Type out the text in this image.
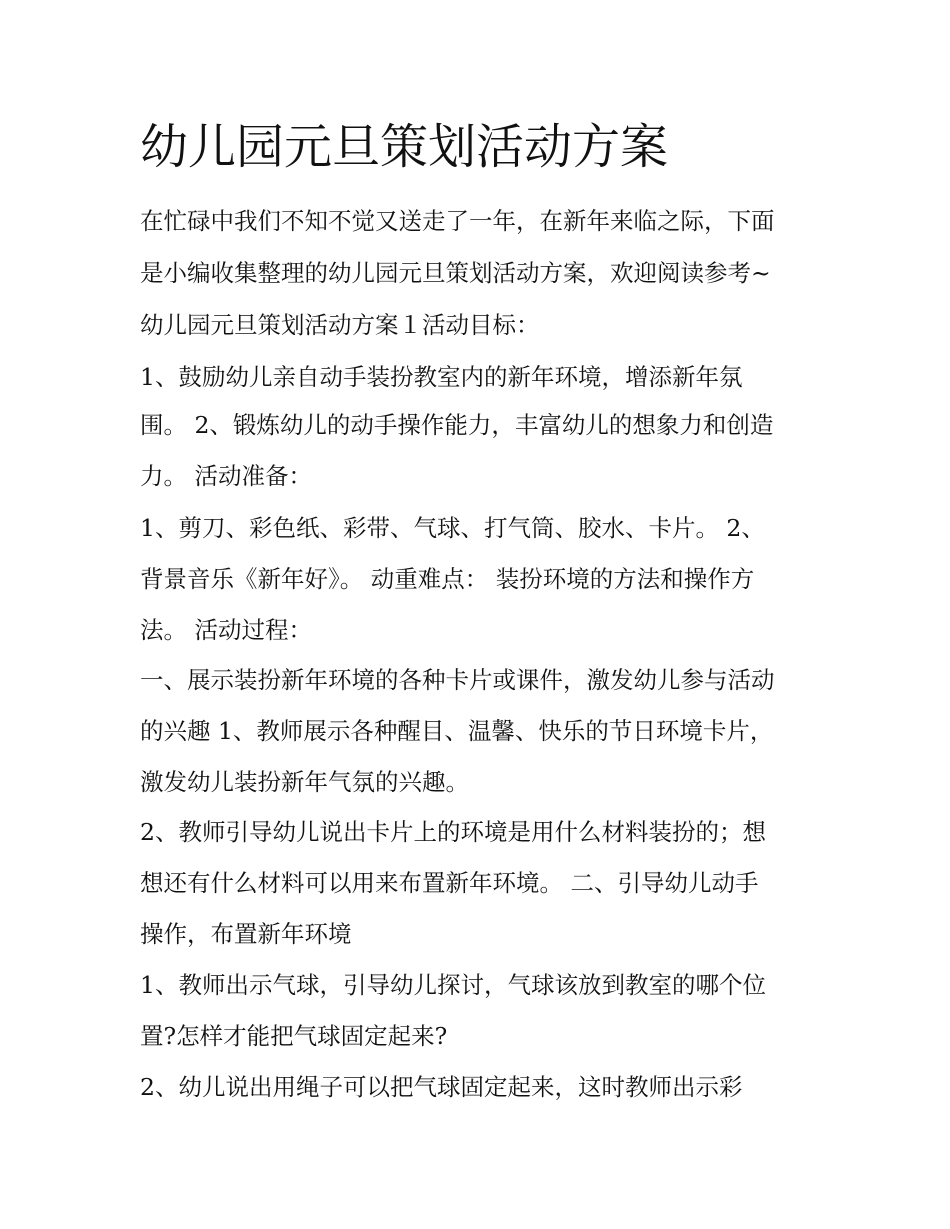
幼儿园元旦策划活动方案

在忙碌中我们不知不觉又送走了一年，在新年来临之际，下面

是小编收集整理的幼儿园元旦策划活动方案，欢迎阅读参考~

幼儿园元旦策划活动方案１活动目标：

1、鼓励幼儿亲自动手装扮教室内的新年环境，增添新年氛

围。 2、锻炼幼儿的动手操作能力，丰富幼儿的想象力和创造

力。 活动准备：

1、剪刀、彩色纸、彩带、气球、打气筒、胶水、卡片。 2、

背景音乐《新年好》。 动重难点： 装扮环境的方法和操作方

法。 活动过程：

一、展示装扮新年环境的各种卡片或课件，激发幼儿参与活动

的兴趣 1、教师展示各种醒目、温馨、快乐的节日环境卡片，

激发幼儿装扮新年气氛的兴趣。

2、教师引导幼儿说出卡片上的环境是用什么材料装扮的；想

想还有什么材料可以用来布置新年环境。 二、引导幼儿动手

操作，布置新年环境

1、教师出示气球，引导幼儿探讨，气球该放到教室的哪个位

置?怎样才能把气球固定起来?

2、幼儿说出用绳子可以把气球固定起来，这时教师出示彩
